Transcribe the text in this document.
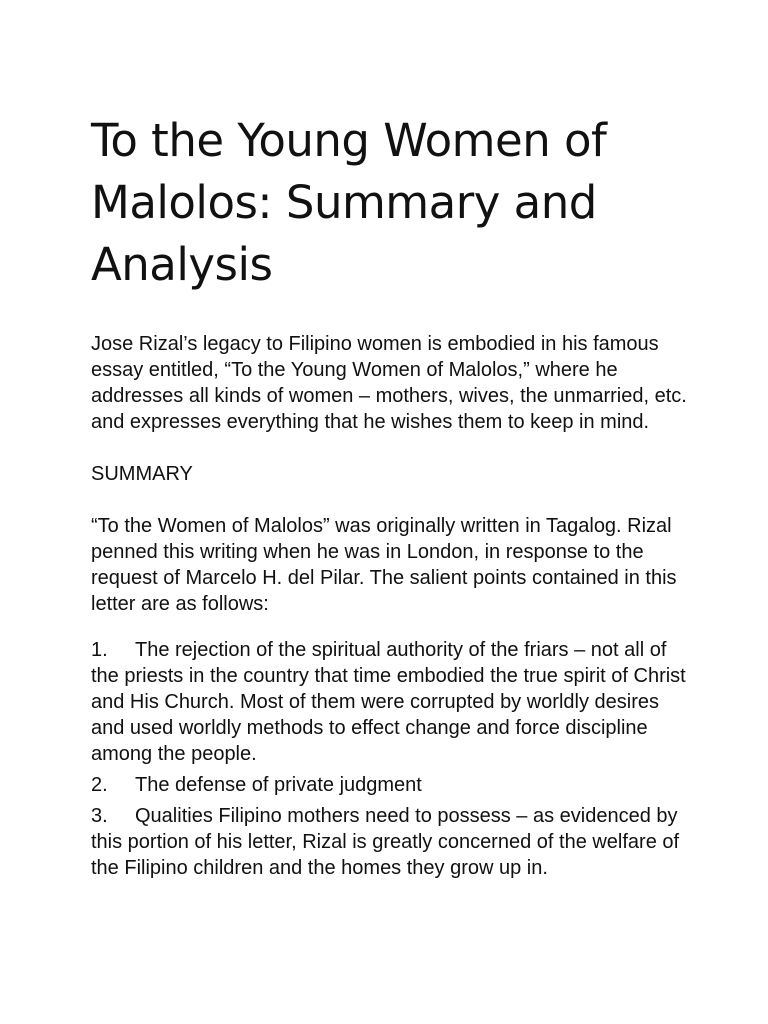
To the Young Women of Malolos: Summary and Analysis

Jose Rizal’s legacy to Filipino women is embodied in his famous essay entitled, “To the Young Women of Malolos,” where he addresses all kinds of women – mothers, wives, the unmarried, etc. and expresses everything that he wishes them to keep in mind.

SUMMARY

“To the Women of Malolos” was originally written in Tagalog. Rizal penned this writing when he was in London, in response to the request of Marcelo H. del Pilar. The salient points contained in this letter are as follows:

1. The rejection of the spiritual authority of the friars – not all of the priests in the country that time embodied the true spirit of Christ and His Church. Most of them were corrupted by worldly desires and used worldly methods to effect change and force discipline among the people.
2. The defense of private judgment
3. Qualities Filipino mothers need to possess – as evidenced by this portion of his letter, Rizal is greatly concerned of the welfare of the Filipino children and the homes they grow up in.
